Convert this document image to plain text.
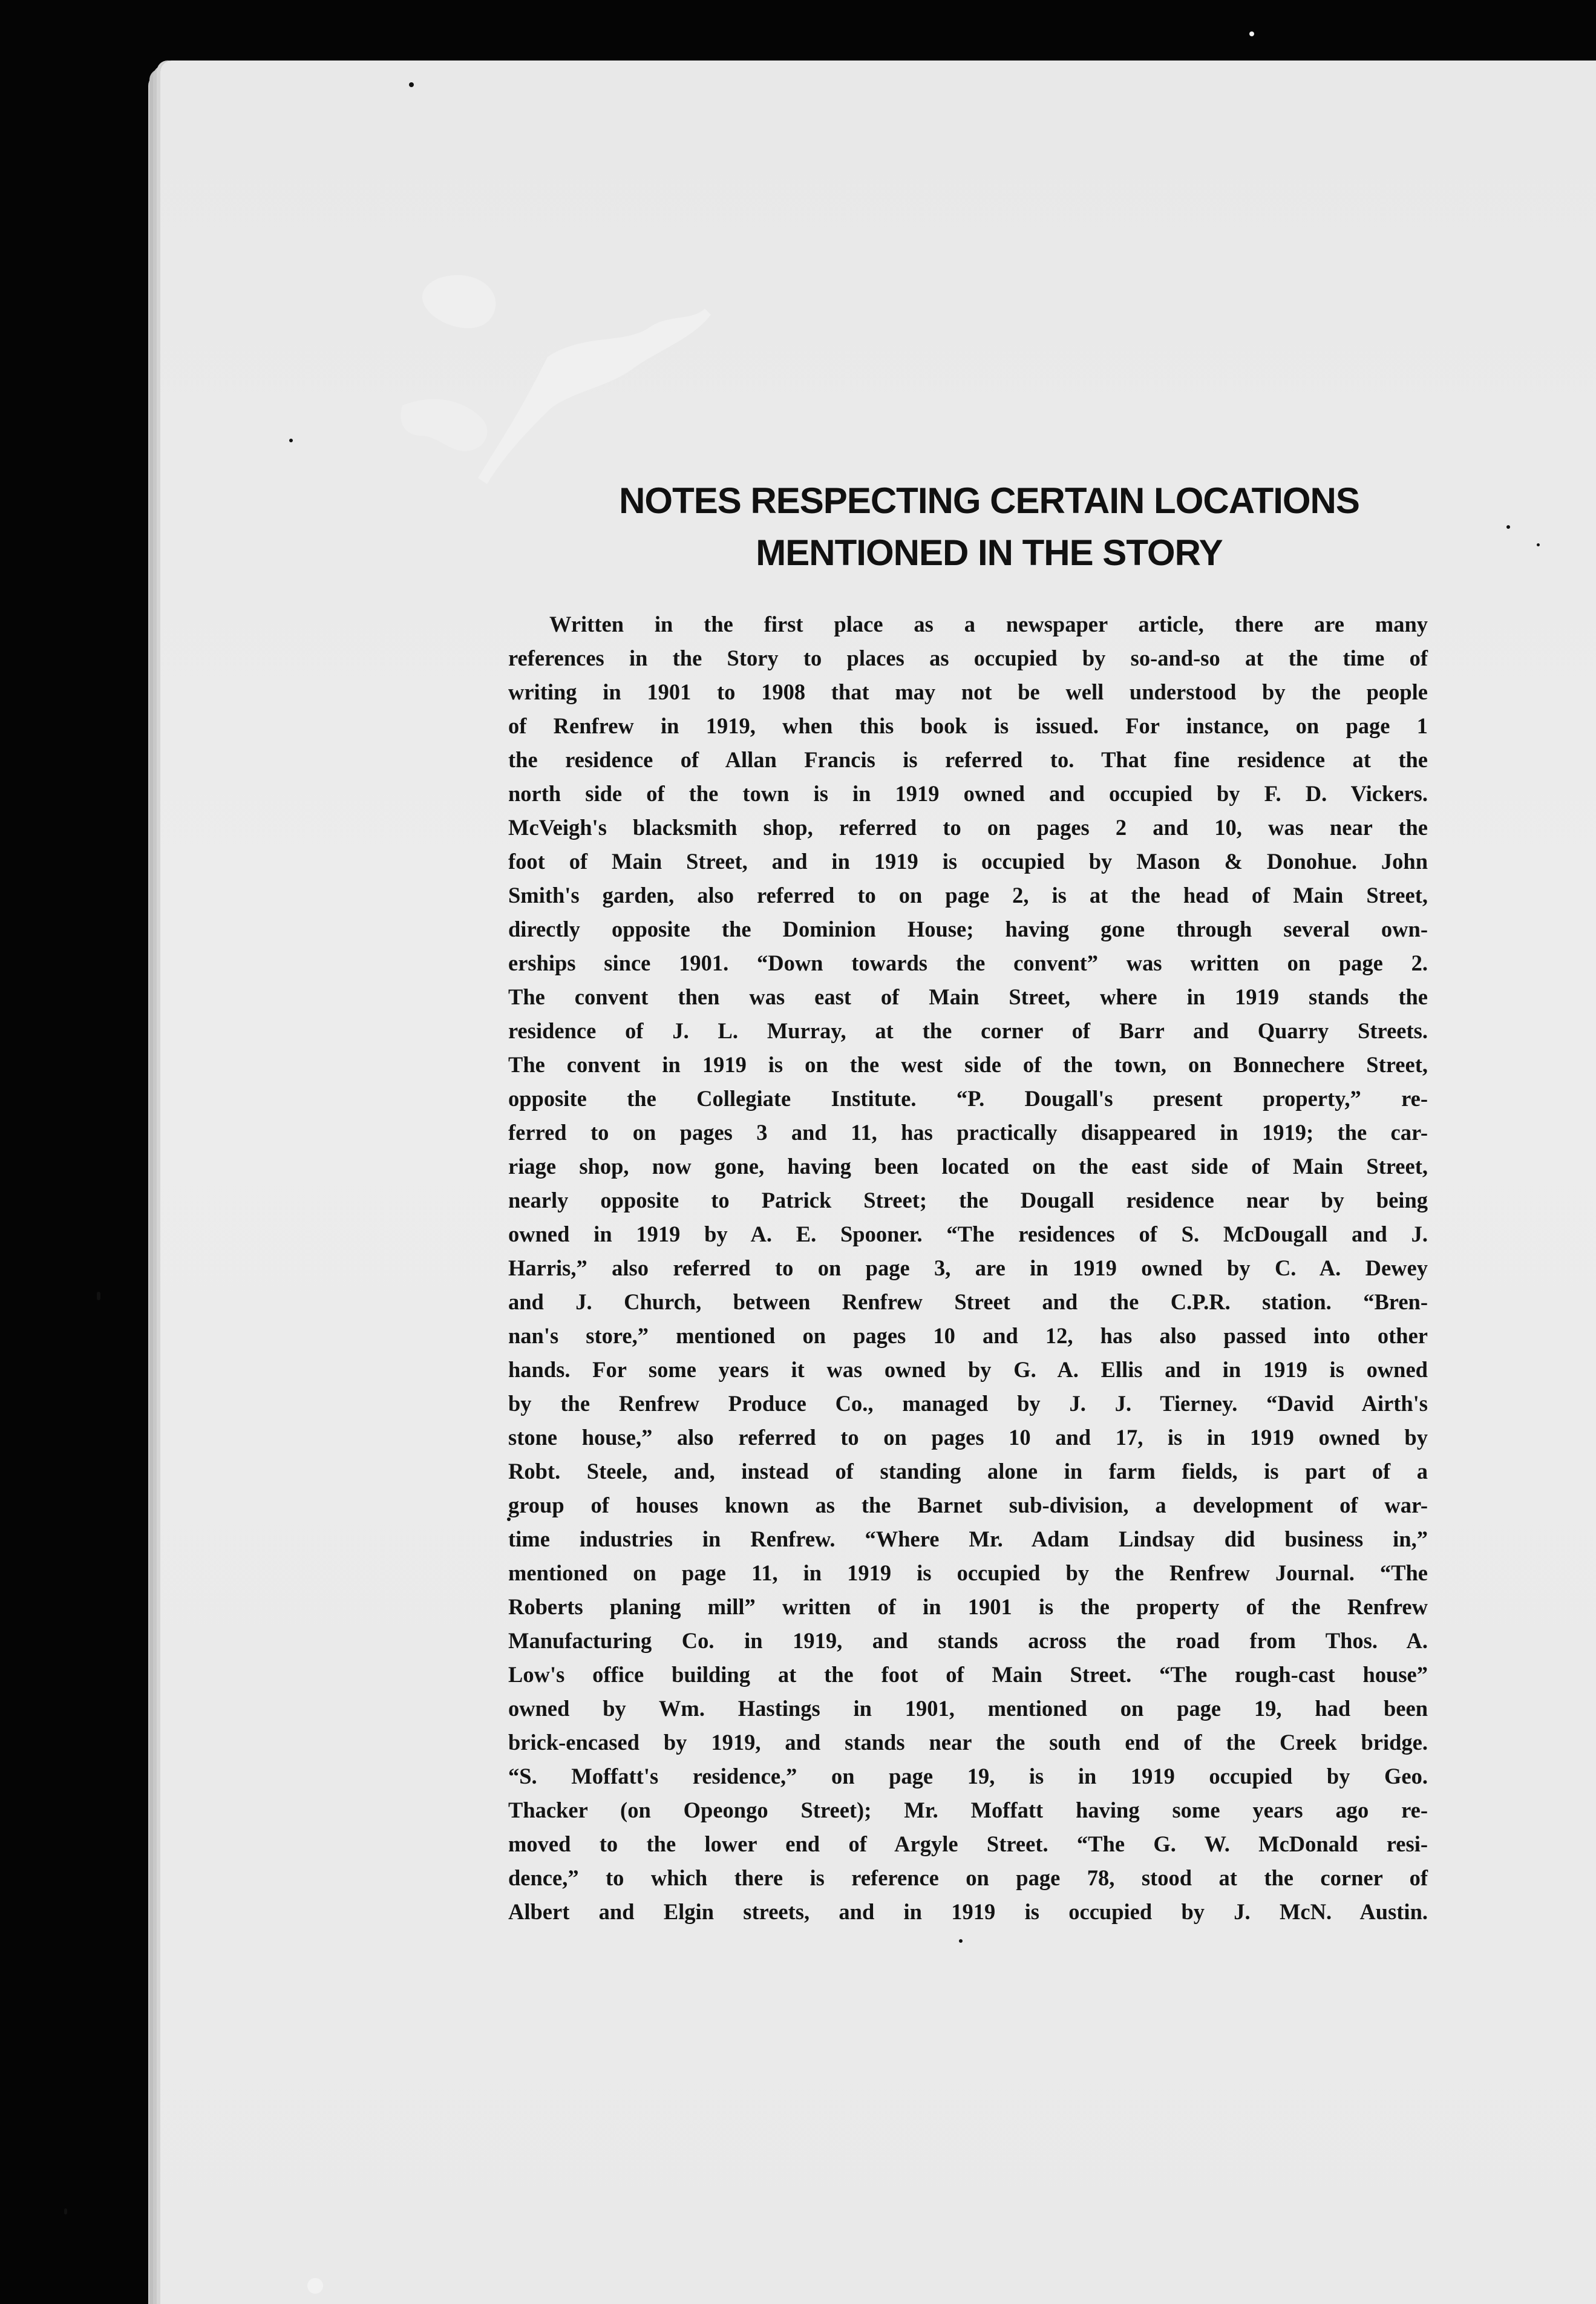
NOTES RESPECTING CERTAIN LOCATIONS
MENTIONED IN THE STORY
Written in the first place as a newspaper article, there are many
references in the Story to places as occupied by so-and-so at the time of
writing in 1901 to 1908 that may not be well understood by the people
of Renfrew in 1919, when this book is issued. For instance, on page 1
the residence of Allan Francis is referred to. That fine residence at the
north side of the town is in 1919 owned and occupied by F. D. Vickers.
McVeigh's blacksmith shop, referred to on pages 2 and 10, was near the
foot of Main Street, and in 1919 is occupied by Mason & Donohue. John
Smith's garden, also referred to on page 2, is at the head of Main Street,
directly opposite the Dominion House; having gone through several own-
erships since 1901. “Down towards the convent” was written on page 2.
The convent then was east of Main Street, where in 1919 stands the
residence of J. L. Murray, at the corner of Barr and Quarry Streets.
The convent in 1919 is on the west side of the town, on Bonnechere Street,
opposite the Collegiate Institute. “P. Dougall's present property,” re-
ferred to on pages 3 and 11, has practically disappeared in 1919; the car-
riage shop, now gone, having been located on the east side of Main Street,
nearly opposite to Patrick Street; the Dougall residence near by being
owned in 1919 by A. E. Spooner. “The residences of S. McDougall and J.
Harris,” also referred to on page 3, are in 1919 owned by C. A. Dewey
and J. Church, between Renfrew Street and the C.P.R. station. “Bren-
nan's store,” mentioned on pages 10 and 12, has also passed into other
hands. For some years it was owned by G. A. Ellis and in 1919 is owned
by the Renfrew Produce Co., managed by J. J. Tierney. “David Airth's
stone house,” also referred to on pages 10 and 17, is in 1919 owned by
Robt. Steele, and, instead of standing alone in farm fields, is part of a
group of houses known as the Barnet sub-division, a development of war-
time industries in Renfrew. “Where Mr. Adam Lindsay did business in,”
mentioned on page 11, in 1919 is occupied by the Renfrew Journal. “The
Roberts planing mill” written of in 1901 is the property of the Renfrew
Manufacturing Co. in 1919, and stands across the road from Thos. A.
Low's office building at the foot of Main Street. “The rough-cast house”
owned by Wm. Hastings in 1901, mentioned on page 19, had been
brick-encased by 1919, and stands near the south end of the Creek bridge.
“S. Moffatt's residence,” on page 19, is in 1919 occupied by Geo.
Thacker (on Opeongo Street); Mr. Moffatt having some years ago re-
moved to the lower end of Argyle Street. “The G. W. McDonald resi-
dence,” to which there is reference on page 78, stood at the corner of
Albert and Elgin streets, and in 1919 is occupied by J. McN. Austin.
